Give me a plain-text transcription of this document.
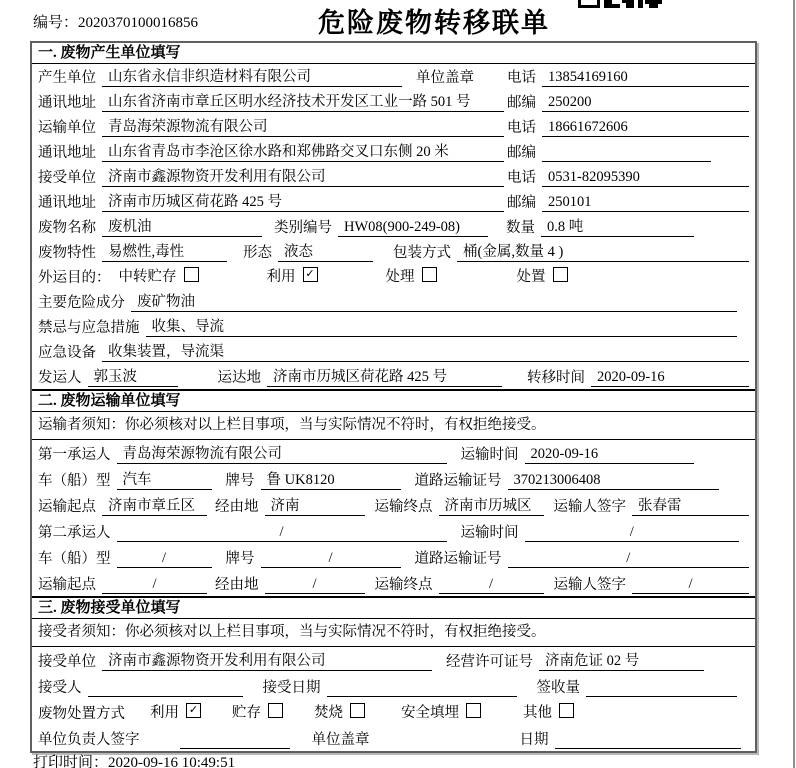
编号：2020370100016856	危险废物转移联单
一. 废物产生单位填写
产生单位 山东省永信非织造材料有限公司	单位盖章 电话 13854169160
通讯地址 山东省济南市章丘区明水经济技术开发区工业一路 501 号	邮编 250200
运输单位 青岛海荣源物流有限公司	电话 18661672606
通讯地址 山东省青岛市李沧区徐水路和郑佛路交叉口东侧 20 米	邮编
接受单位 济南市鑫源物资开发利用有限公司	电话 0531-82095390
通讯地址 济南市历城区荷花路 425 号	邮编 250101
废物名称 废机油	类别编号 HW08(900-249-08)	数量 0.8 吨
废物特性 易燃性,毒性	形态 液态	包装方式 桶(金属,数量 4 )
外运目的： 中转贮存	利用 ✓	处理	处置
主要危险成分 废矿物油
禁忌与应急措施 收集、导流
应急设备 收集装置，导流渠
发运人 郭玉波	运达地 济南市历城区荷花路 425 号	转移时间 2020-09-16
二. 废物运输单位填写
运输者须知：你必须核对以上栏目事项，当与实际情况不符时，有权拒绝接受。
第一承运人 青岛海荣源物流有限公司	运输时间 2020-09-16
车（船）型 汽车	牌号 鲁 UK8120	道路运输证号 370213006408
运输起点 济南市章丘区	经由地 济南	运输终点 济南市历城区	运输人签字 张春雷
第二承运人	/	运输时间	/
车（船）型	/	牌号	/	道路运输证号	/
运输起点	/	经由地	/	运输终点	/	运输人签字	/
三. 废物接受单位填写
接受者须知：你必须核对以上栏目事项，当与实际情况不符时，有权拒绝接受。
接受单位 济南市鑫源物资开发利用有限公司	经营许可证号 济南危证 02 号
接受人	接受日期	签收量
废物处置方式 利用 ✓ 贮存	焚烧	安全填埋	其他
单位负责人签字	单位盖章	日期
打印时间：2020-09-16 10:49:51
